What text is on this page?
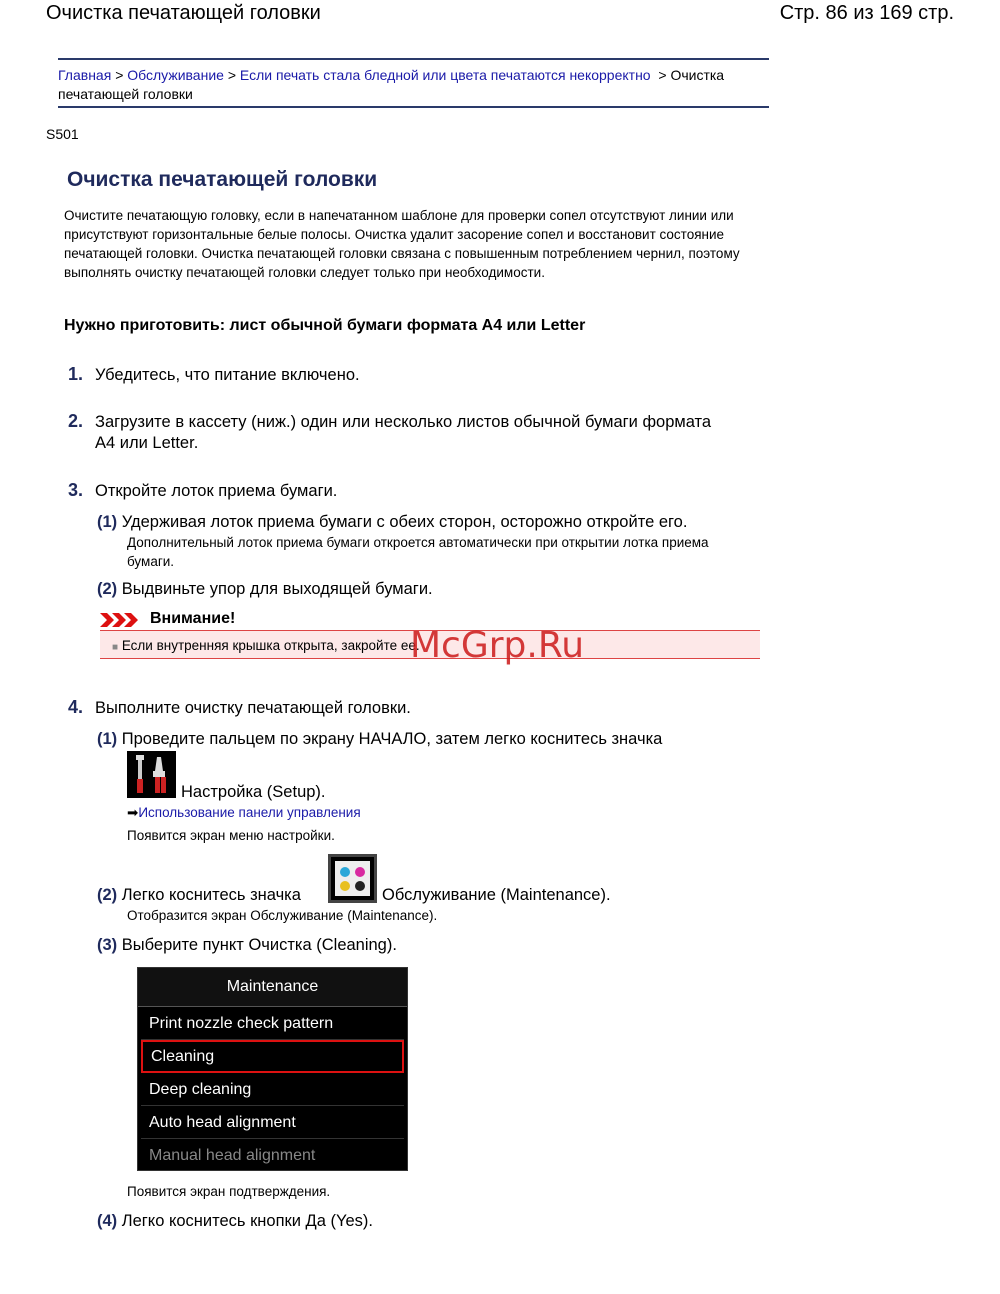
Очистка печатающей головки	Стр. 86 из 169 стр.
Главная > Обслуживание > Если печать стала бледной или цвета печатаются некорректно > Очистка печатающей головки
S501
Очистка печатающей головки
Очистите печатающую головку, если в напечатанном шаблоне для проверки сопел отсутствуют линии или присутствуют горизонтальные белые полосы. Очистка удалит засорение сопел и восстановит состояние печатающей головки. Очистка печатающей головки связана с повышенным потреблением чернил, поэтому выполнять очистку печатающей головки следует только при необходимости.
Нужно приготовить: лист обычной бумаги формата A4 или Letter
1. Убедитесь, что питание включено.
2. Загрузите в кассету (ниж.) один или несколько листов обычной бумаги формата A4 или Letter.
3. Откройте лоток приема бумаги.
(1) Удерживая лоток приема бумаги с обеих сторон, осторожно откройте его.
Дополнительный лоток приема бумаги откроется автоматически при открытии лотка приема бумаги.
(2) Выдвиньте упор для выходящей бумаги.
Внимание!
■ Если внутренняя крышка открыта, закройте ее.
4. Выполните очистку печатающей головки.
(1) Проведите пальцем по экрану НАЧАЛО, затем легко коснитесь значка
Настройка (Setup).
➡Использование панели управления
Появится экран меню настройки.
(2) Легко коснитесь значка	Обслуживание (Maintenance).
Отобразится экран Обслуживание (Maintenance).
(3) Выберите пункт Очистка (Cleaning).
Maintenance
Print nozzle check pattern
Cleaning
Deep cleaning
Auto head alignment
Manual head alignment
Появится экран подтверждения.
(4) Легко коснитесь кнопки Да (Yes).
McGrp.Ru
